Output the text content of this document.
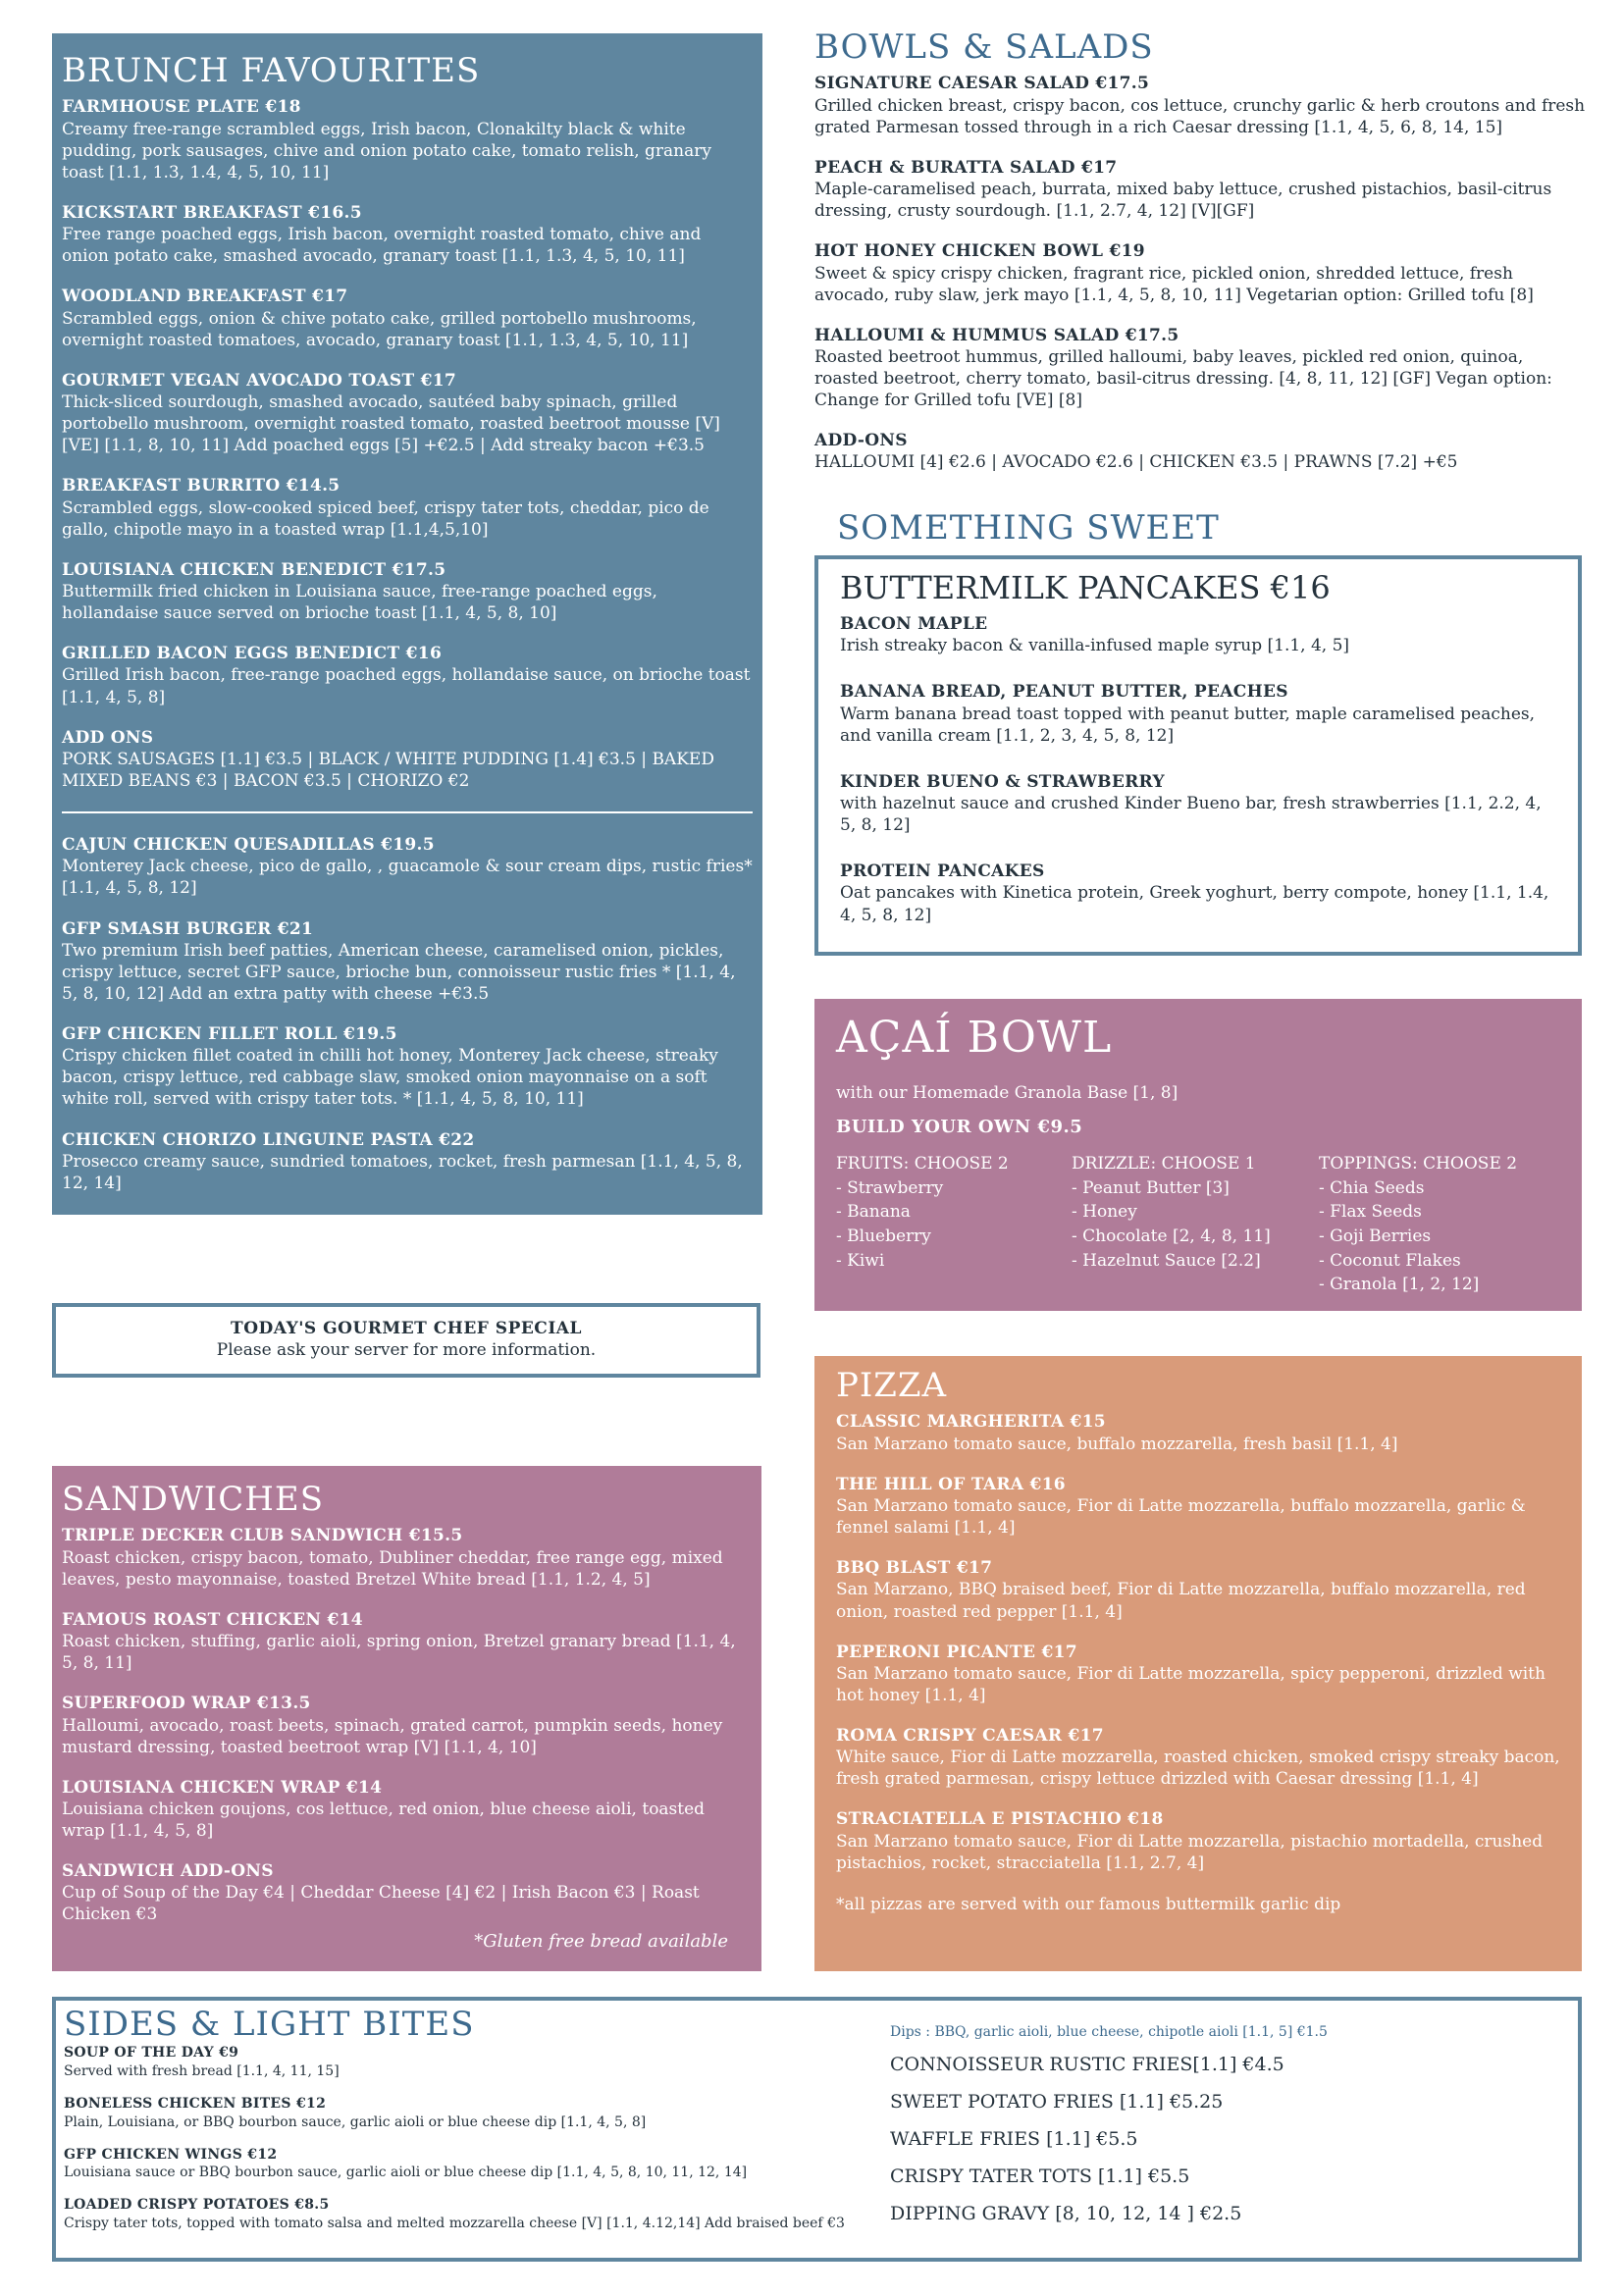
BRUNCH FAVOURITES
FARMHOUSE PLATE €18
Creamy free-range scrambled eggs, Irish bacon, Clonakilty black & white pudding, pork sausages, chive and onion potato cake, tomato relish, granary toast [1.1, 1.3, 1.4, 4, 5, 10, 11]
KICKSTART BREAKFAST €16.5
Free range poached eggs, Irish bacon, overnight roasted tomato, chive and onion potato cake, smashed avocado, granary toast [1.1, 1.3, 4, 5, 10, 11]
WOODLAND BREAKFAST €17
Scrambled eggs, onion & chive potato cake, grilled portobello mushrooms, overnight roasted tomatoes, avocado, granary toast [1.1, 1.3, 4, 5, 10, 11]
GOURMET VEGAN AVOCADO TOAST €17
Thick-sliced sourdough, smashed avocado, sautéed baby spinach, grilled portobello mushroom, overnight roasted tomato, roasted beetroot mousse [V] [VE] [1.1, 8, 10, 11] Add poached eggs [5] +€2.5 | Add streaky bacon +€3.5
BREAKFAST BURRITO €14.5
Scrambled eggs, slow-cooked spiced beef, crispy tater tots, cheddar, pico de gallo, chipotle mayo in a toasted wrap [1.1,4,5,10]
LOUISIANA CHICKEN BENEDICT €17.5
Buttermilk fried chicken in Louisiana sauce, free-range poached eggs, hollandaise sauce served on brioche toast [1.1, 4, 5, 8, 10]
GRILLED BACON EGGS BENEDICT €16
Grilled Irish bacon, free-range poached eggs, hollandaise sauce, on brioche toast [1.1, 4, 5, 8]
ADD ONS
PORK SAUSAGES [1.1] €3.5 | BLACK / WHITE PUDDING [1.4] €3.5 | BAKED MIXED BEANS €3 | BACON €3.5 | CHORIZO €2
CAJUN CHICKEN QUESADILLAS €19.5
Monterey Jack cheese, pico de gallo, , guacamole & sour cream dips, rustic fries* [1.1, 4, 5, 8, 12]
GFP SMASH BURGER €21
Two premium Irish beef patties, American cheese, caramelised onion, pickles, crispy lettuce, secret GFP sauce, brioche bun, connoisseur rustic fries * [1.1, 4, 5, 8, 10, 12] Add an extra patty with cheese +€3.5
GFP CHICKEN FILLET ROLL €19.5
Crispy chicken fillet coated in chilli hot honey, Monterey Jack cheese, streaky bacon, crispy lettuce, red cabbage slaw, smoked onion mayonnaise on a soft white roll, served with crispy tater tots. * [1.1, 4, 5, 8, 10, 11]
CHICKEN CHORIZO LINGUINE PASTA €22
Prosecco creamy sauce, sundried tomatoes, rocket, fresh parmesan [1.1, 4, 5, 8, 12, 14]
*Dishes marked: Upgrade to Sweet Potato Fries or Waffle Fries +€1
TODAY'S GOURMET CHEF SPECIAL
Please ask your server for more information.
SANDWICHES
TRIPLE DECKER CLUB SANDWICH €15.5
Roast chicken, crispy bacon, tomato, Dubliner cheddar, free range egg, mixed leaves, pesto mayonnaise, toasted Bretzel White bread [1.1, 1.2, 4, 5]
FAMOUS ROAST CHICKEN €14
Roast chicken, stuffing, garlic aioli, spring onion, Bretzel granary bread [1.1, 4, 5, 8, 11]
SUPERFOOD WRAP €13.5
Halloumi, avocado, roast beets, spinach, grated carrot, pumpkin seeds, honey mustard dressing, toasted beetroot wrap [V] [1.1, 4, 10]
LOUISIANA CHICKEN WRAP €14
Louisiana chicken goujons, cos lettuce, red onion, blue cheese aioli, toasted wrap [1.1, 4, 5, 8]
SANDWICH ADD-ONS
Cup of Soup of the Day €4 | Cheddar Cheese [4] €2 | Irish Bacon €3 | Roast Chicken €3
*Gluten free bread available
BOWLS & SALADS
SIGNATURE CAESAR SALAD €17.5
Grilled chicken breast, crispy bacon, cos lettuce, crunchy garlic & herb croutons and fresh grated Parmesan tossed through in a rich Caesar dressing [1.1, 4, 5, 6, 8, 14, 15]
PEACH & BURATTA SALAD €17
Maple-caramelised peach, burrata, mixed baby lettuce, crushed pistachios, basil-citrus dressing, crusty sourdough. [1.1, 2.7, 4, 12] [V][GF]
HOT HONEY CHICKEN BOWL €19
Sweet & spicy crispy chicken, fragrant rice, pickled onion, shredded lettuce, fresh avocado, ruby slaw, jerk mayo [1.1, 4, 5, 8, 10, 11] Vegetarian option: Grilled tofu [8]
HALLOUMI & HUMMUS SALAD €17.5
Roasted beetroot hummus, grilled halloumi, baby leaves, pickled red onion, quinoa, roasted beetroot, cherry tomato, basil-citrus dressing. [4, 8, 11, 12] [GF] Vegan option: Change for Grilled tofu [VE] [8]
ADD-ONS
HALLOUMI [4] €2.6 | AVOCADO €2.6 | CHICKEN €3.5 | PRAWNS [7.2] +€5
SOMETHING SWEET
BUTTERMILK PANCAKES €16
BACON MAPLE
Irish streaky bacon & vanilla-infused maple syrup [1.1, 4, 5]
BANANA BREAD, PEANUT BUTTER, PEACHES
Warm banana bread toast topped with peanut butter, maple caramelised peaches, and vanilla cream [1.1, 2, 3, 4, 5, 8, 12]
KINDER BUENO & STRAWBERRY
with hazelnut sauce and crushed Kinder Bueno bar, fresh strawberries [1.1, 2.2, 4, 5, 8, 12]
PROTEIN PANCAKES
Oat pancakes with Kinetica protein, Greek yoghurt, berry compote, honey [1.1, 1.4, 4, 5, 8, 12]
AÇAÍ BOWL
with our Homemade Granola Base [1, 8]
BUILD YOUR OWN €9.5
FRUITS: CHOOSE 2
- Strawberry
- Banana
- Blueberry
- Kiwi
DRIZZLE: CHOOSE 1
- Peanut Butter [3]
- Honey
- Chocolate [2, 4, 8, 11]
- Hazelnut Sauce [2.2]
TOPPINGS: CHOOSE 2
- Chia Seeds
- Flax Seeds
- Goji Berries
- Coconut Flakes
- Granola [1, 2, 12]
PIZZA
CLASSIC MARGHERITA €15
San Marzano tomato sauce, buffalo mozzarella, fresh basil [1.1, 4]
THE HILL OF TARA €16
San Marzano tomato sauce, Fior di Latte mozzarella, buffalo mozzarella, garlic & fennel salami [1.1, 4]
BBQ BLAST €17
San Marzano, BBQ braised beef, Fior di Latte mozzarella, buffalo mozzarella, red onion, roasted red pepper [1.1, 4]
PEPERONI PICANTE €17
San Marzano tomato sauce, Fior di Latte mozzarella, spicy pepperoni, drizzled with hot honey [1.1, 4]
ROMA CRISPY CAESAR €17
White sauce, Fior di Latte mozzarella, roasted chicken, smoked crispy streaky bacon, fresh grated parmesan, crispy lettuce drizzled with Caesar dressing [1.1, 4]
STRACIATELLA E PISTACHIO €18
San Marzano tomato sauce, Fior di Latte mozzarella, pistachio mortadella, crushed pistachios, rocket, stracciatella [1.1, 2.7, 4]
*all pizzas are served with our famous buttermilk garlic dip
SIDES & LIGHT BITES
SOUP OF THE DAY €9
Served with fresh bread [1.1, 4, 11, 15]
BONELESS CHICKEN BITES €12
Plain, Louisiana, or BBQ bourbon sauce, garlic aioli or blue cheese dip [1.1, 4, 5, 8]
GFP CHICKEN WINGS €12
Louisiana sauce or BBQ bourbon sauce, garlic aioli or blue cheese dip [1.1, 4, 5, 8, 10, 11, 12, 14]
LOADED CRISPY POTATOES €8.5
Crispy tater tots, topped with tomato salsa and melted mozzarella cheese [V] [1.1, 4.12,14] Add braised beef €3
Dips : BBQ, garlic aioli, blue cheese, chipotle aioli [1.1, 5] €1.5
CONNOISSEUR RUSTIC FRIES[1.1] €4.5
SWEET POTATO FRIES [1.1] €5.25
WAFFLE FRIES [1.1] €5.5
CRISPY TATER TOTS [1.1] €5.5
DIPPING GRAVY [8, 10, 12, 14 ] €2.5
